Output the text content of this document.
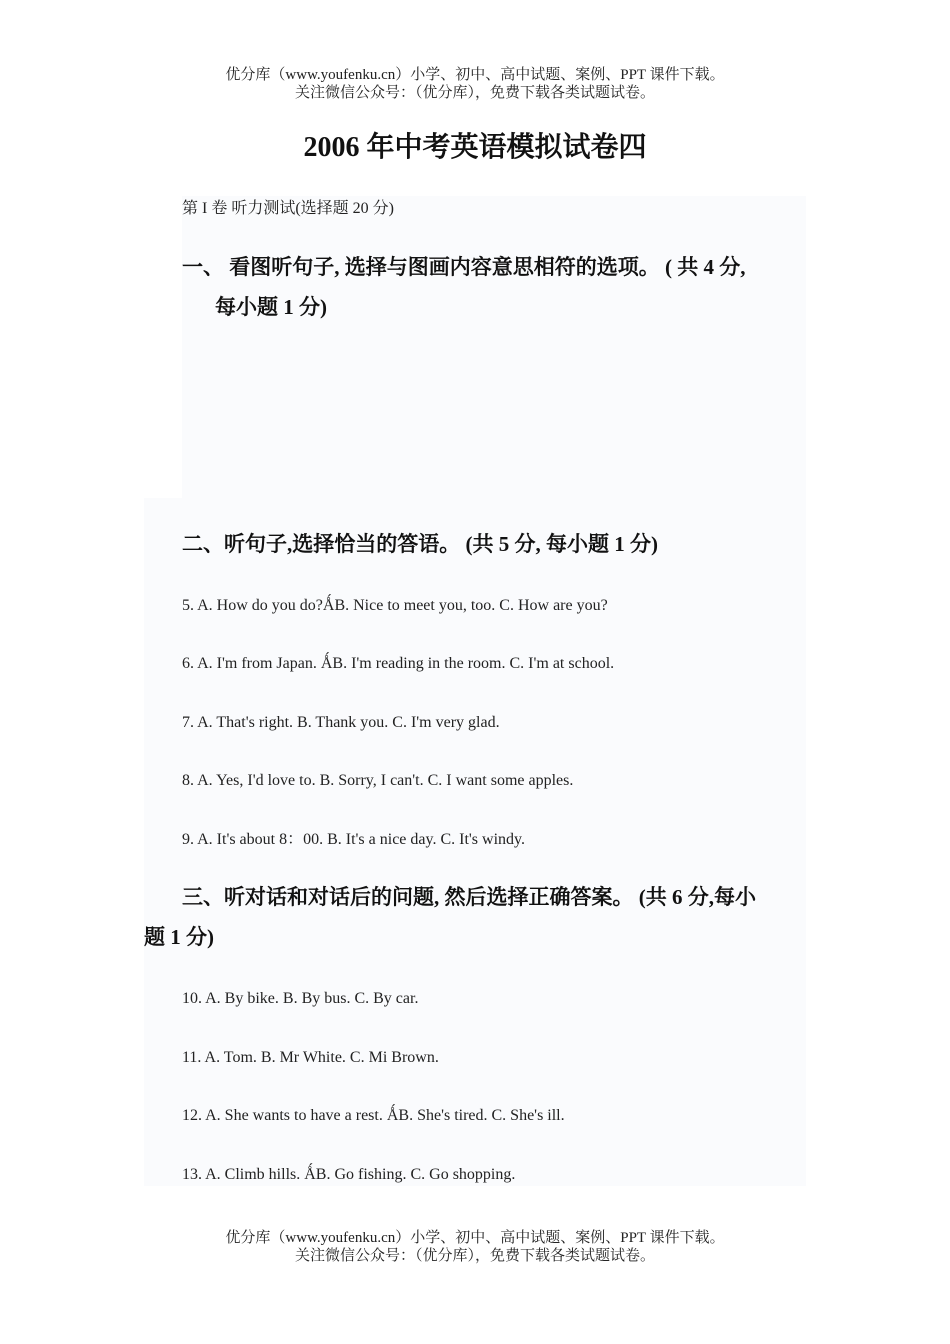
优分库（www.youfenku.cn）小学、初中、高中试题、案例、PPT 课件下载。
关注微信公众号：（优分库），免费下载各类试题试卷。
2006 年中考英语模拟试卷四
第 I 卷 听力测试(选择题 20 分)
一、 看图听句子, 选择与图画内容意思相符的选项。 ( 共 4 分,
每小题 1 分)
二、听句子,选择恰当的答语。 (共 5 分, 每小题 1 分)
5. A. How do you do?ǺB. Nice to meet you, too. C. How are you?
6. A. I'm from Japan. ǺB. I'm reading in the room. C. I'm at school.
7. A. That's right. B. Thank you. C. I'm very glad.
8. A. Yes, I'd love to. B. Sorry, I can't. C. I want some apples.
9. A. It's about 8：00. B. It's a nice day. C. It's windy.
三、听对话和对话后的问题, 然后选择正确答案。 (共 6 分,每小
题 1 分)
10. A. By bike. B. By bus. C. By car.
11. A. Tom. B. Mr White. C. Mi Brown.
12. A. She wants to have a rest. ǺB. She's tired. C. She's ill.
13. A. Climb hills. ǺB. Go fishing. C. Go shopping.
优分库（www.youfenku.cn）小学、初中、高中试题、案例、PPT 课件下载。
关注微信公众号：（优分库），免费下载各类试题试卷。
